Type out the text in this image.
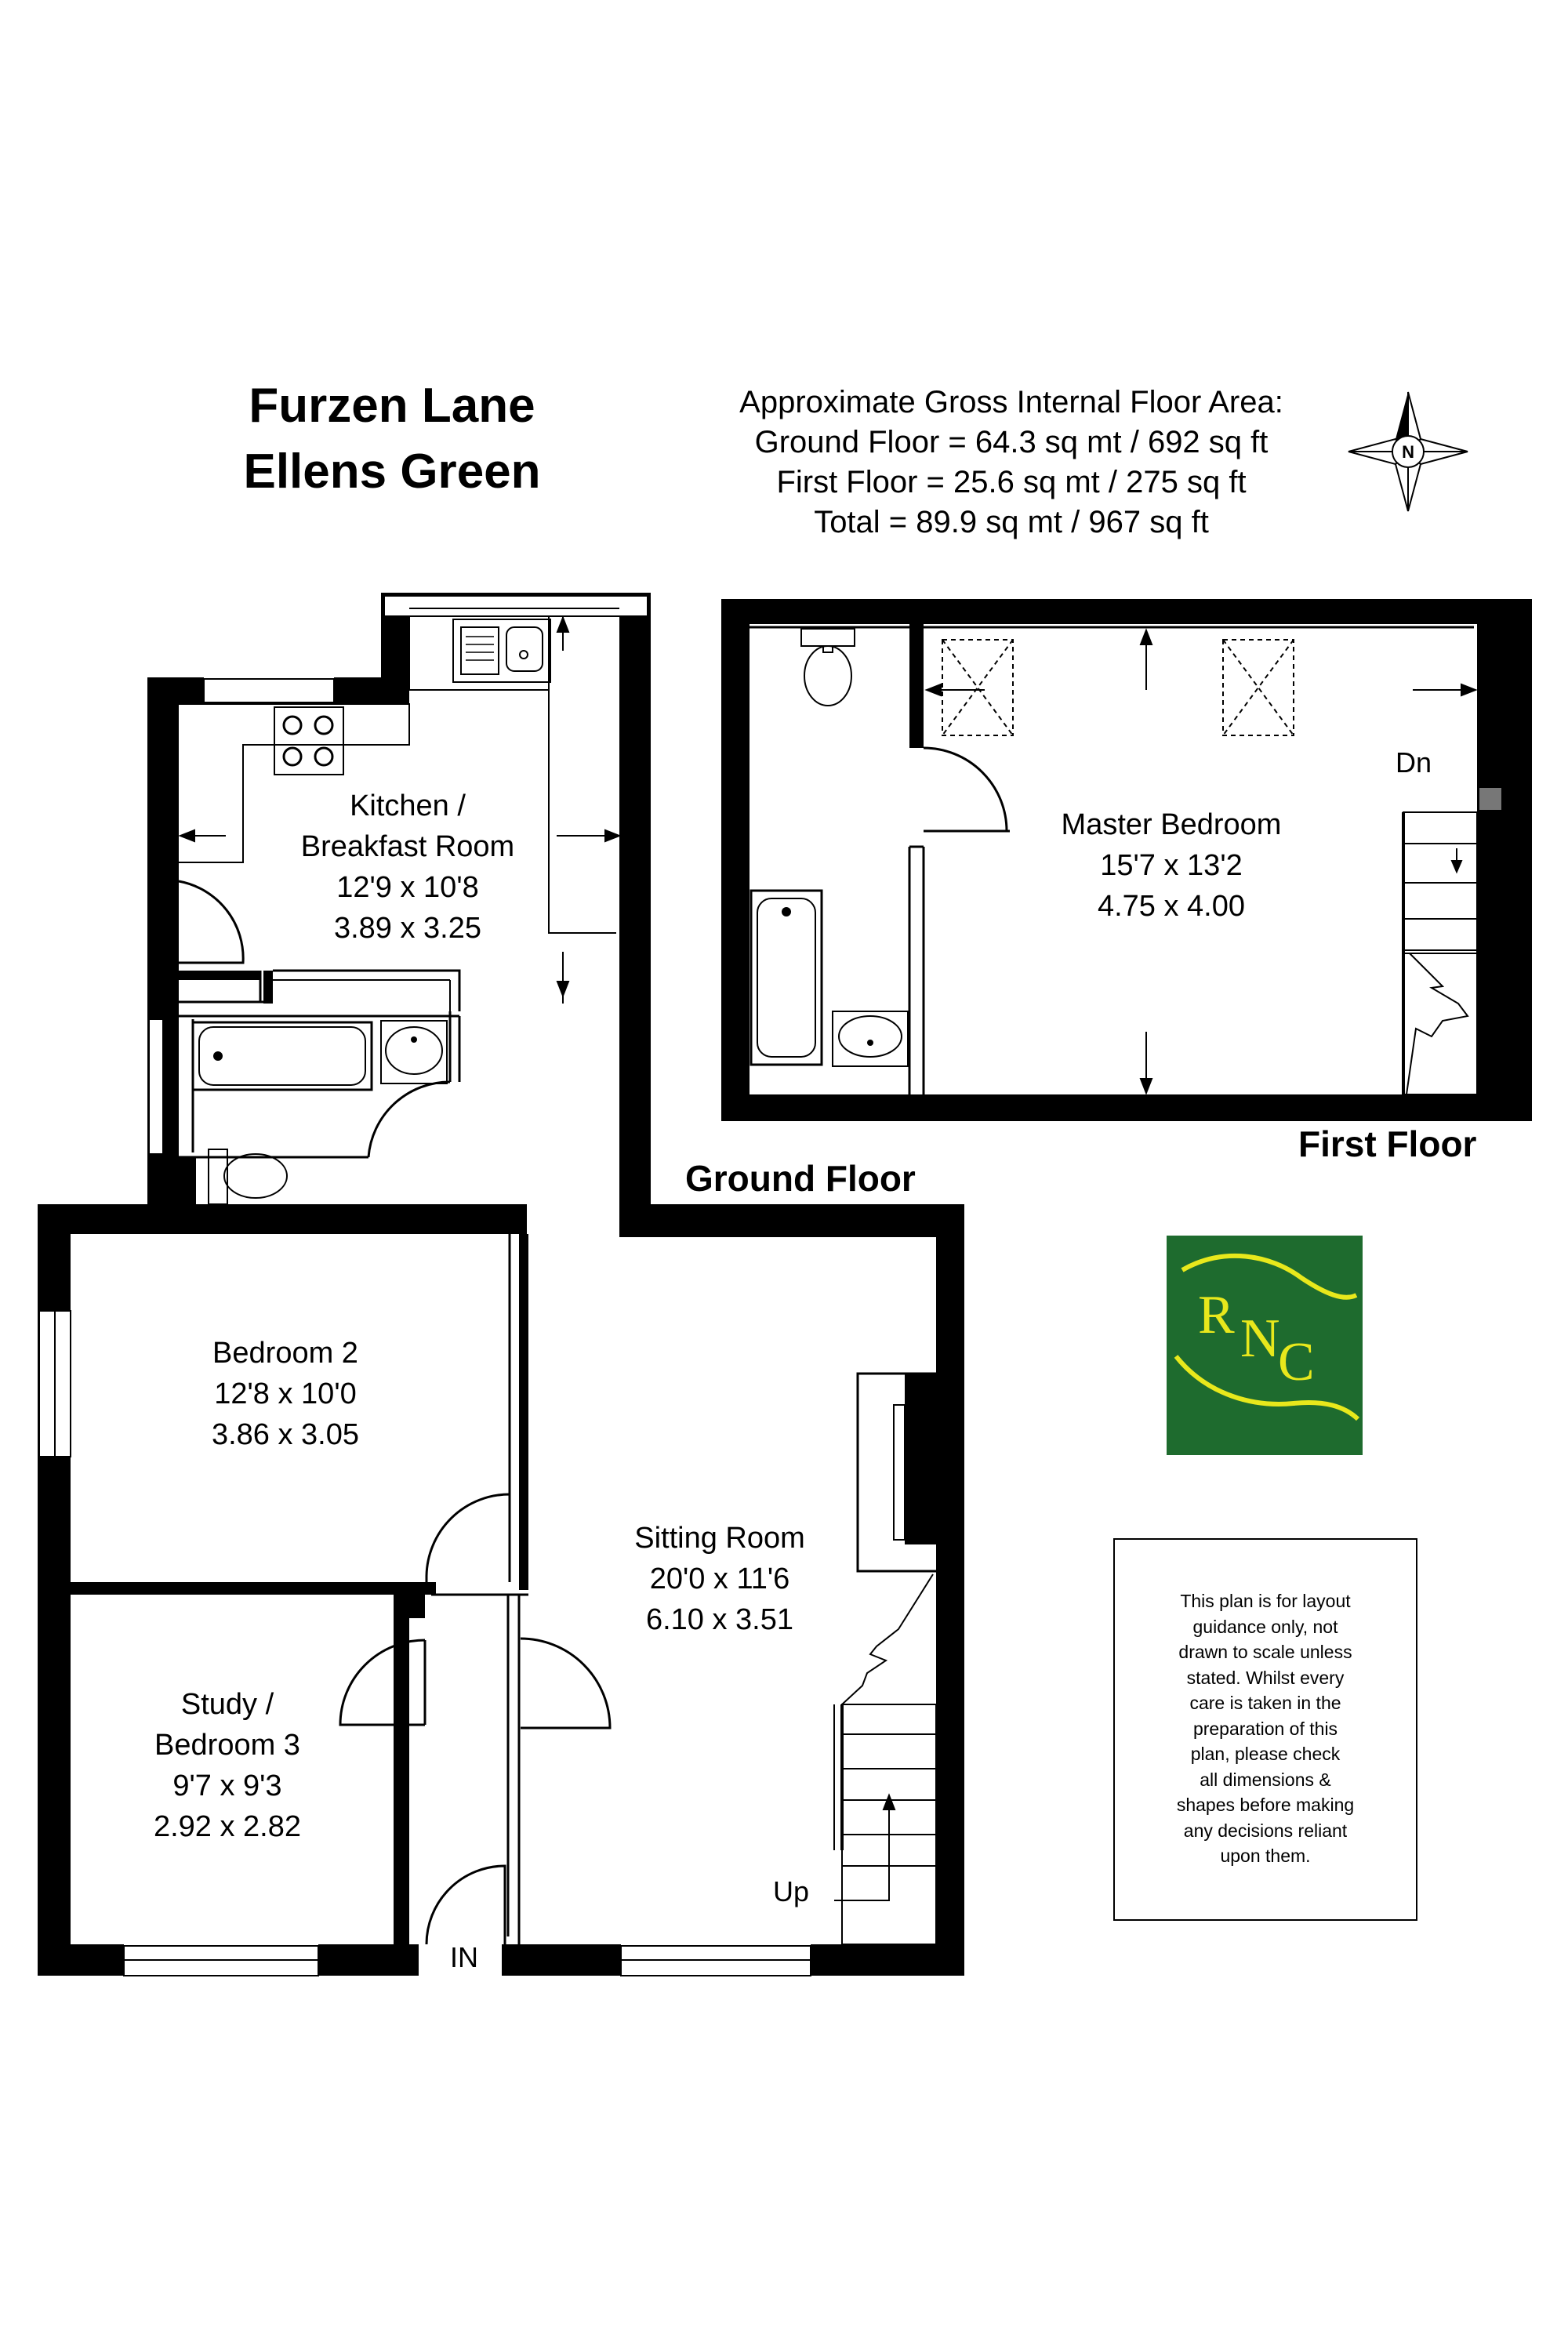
N
R N
C
Furzen Lane
Ellens Green
Approximate Gross Internal Floor Area:
Ground Floor = 64.3 sq mt / 692 sq ft
First Floor = 25.6 sq mt / 275 sq ft
Total = 89.9 sq mt / 967 sq ft
First Floor
Ground Floor
Kitchen /
Breakfast Room
12'9 x 10'8
3.89 x 3.25
Bedroom 2
12'8 x 10'0
3.86 x 3.05
Study /
Bedroom 3
9'7 x 9'3
2.92 x 2.82
Sitting Room
20'0 x 11'6
6.10 x 3.51
Master Bedroom
15'7 x 13'2
4.75 x 4.00
Up
Dn
IN
This plan is for layout
guidance only, not
drawn to scale unless
stated. Whilst every
care is taken in the
preparation of this
plan, please check
all dimensions &
shapes before making
any decisions reliant
upon them.
